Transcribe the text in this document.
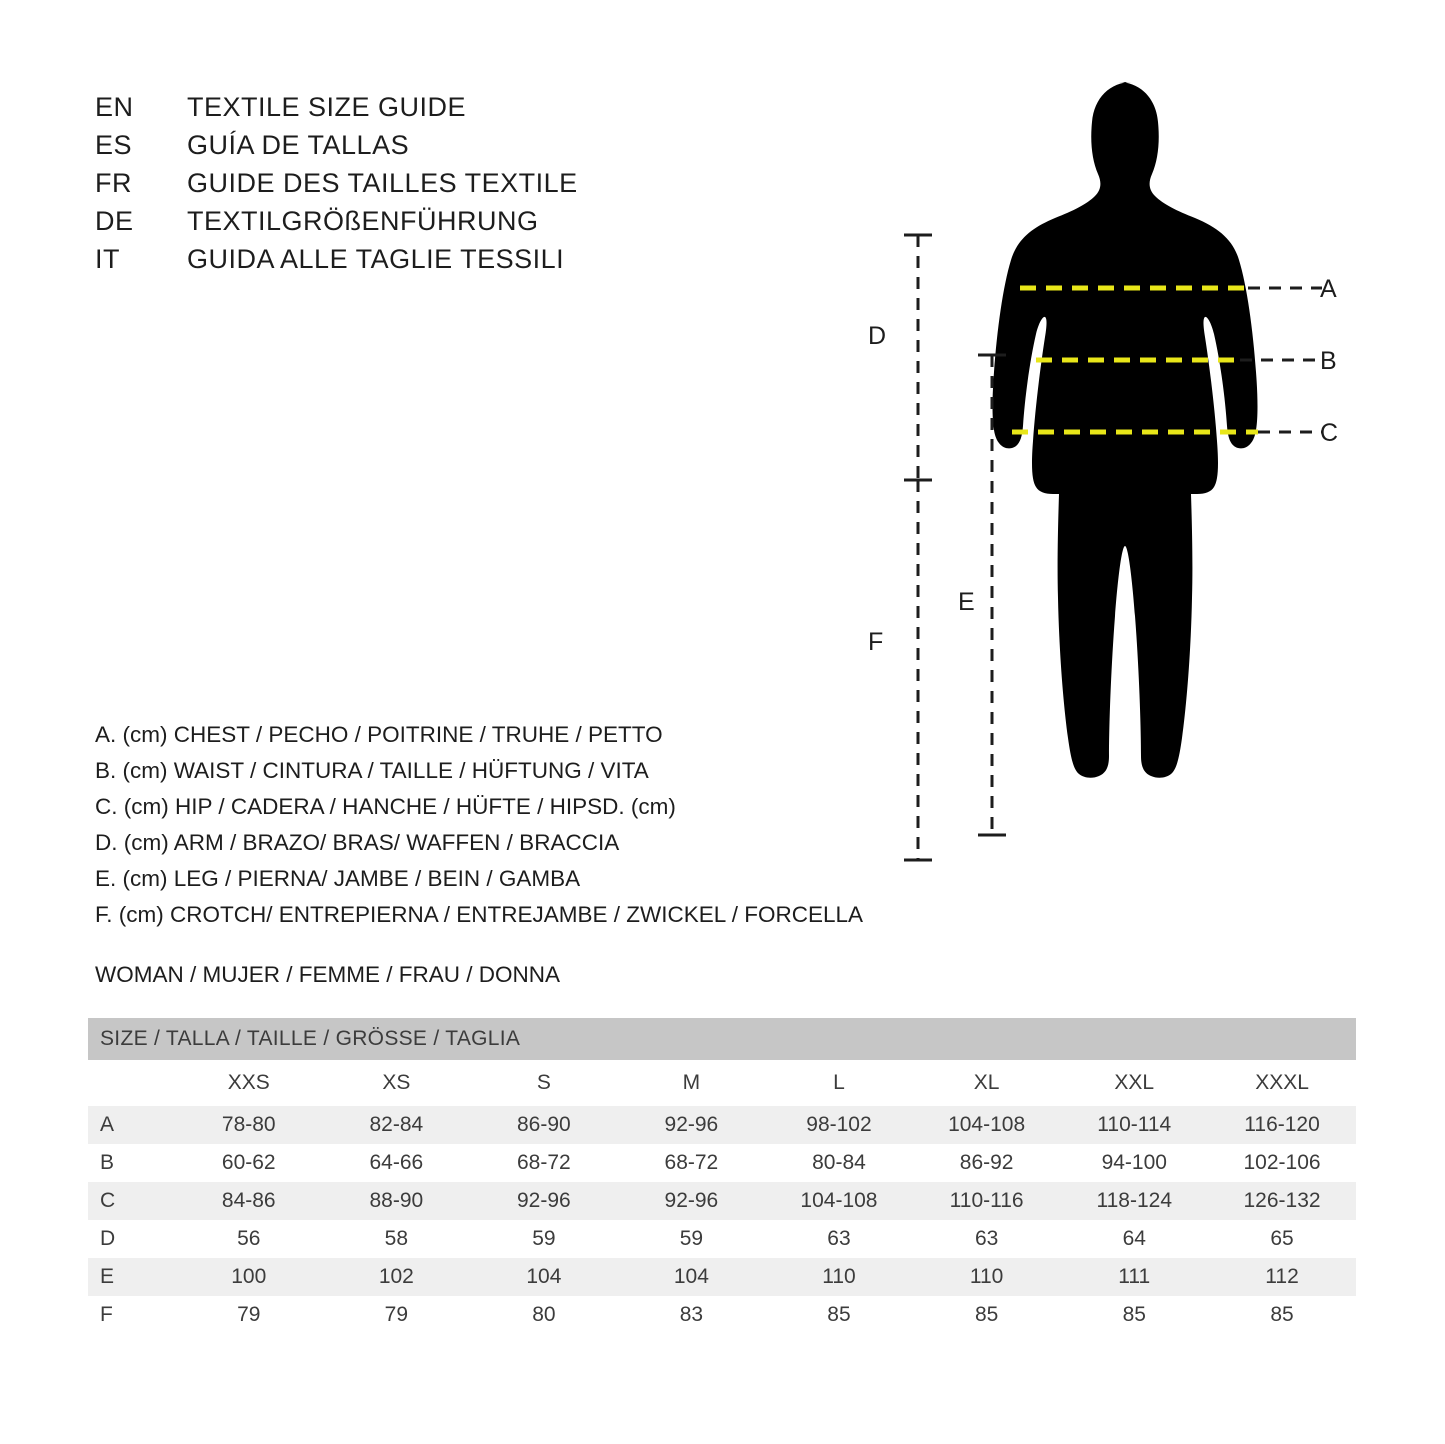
EN	TEXTILE SIZE GUIDE
ES	GUÍA DE TALLAS
FR	GUIDE DES TAILLES TEXTILE
DE	TEXTILGRÖßENFÜHRUNG
IT	GUIDA ALLE TAGLIE TESSILI
A. (cm) CHEST / PECHO / POITRINE / TRUHE / PETTO
B. (cm) WAIST / CINTURA / TAILLE / HÜFTUNG / VITA
C. (cm) HIP / CADERA / HANCHE / HÜFTE / HIPSD. (cm)
D. (cm) ARM / BRAZO/ BRAS/ WAFFEN / BRACCIA
E. (cm) LEG / PIERNA/ JAMBE / BEIN / GAMBA
F. (cm) CROTCH/ ENTREPIERNA / ENTREJAMBE / ZWICKEL / FORCELLA
WOMAN / MUJER / FEMME / FRAU / DONNA
A
B
C
D
E
F
SIZE / TALLA / TAILLE / GRÖSSE / TAGLIA
	XXS	XS	S	M	L	XL	XXL	XXXL
A	78-80	82-84	86-90	92-96	98-102	104-108	110-114	116-120
B	60-62	64-66	68-72	68-72	80-84	86-92	94-100	102-106
C	84-86	88-90	92-96	92-96	104-108	110-116	118-124	126-132
D	56	58	59	59	63	63	64	65
E	100	102	104	104	110	110	111	112
F	79	79	80	83	85	85	85	85
